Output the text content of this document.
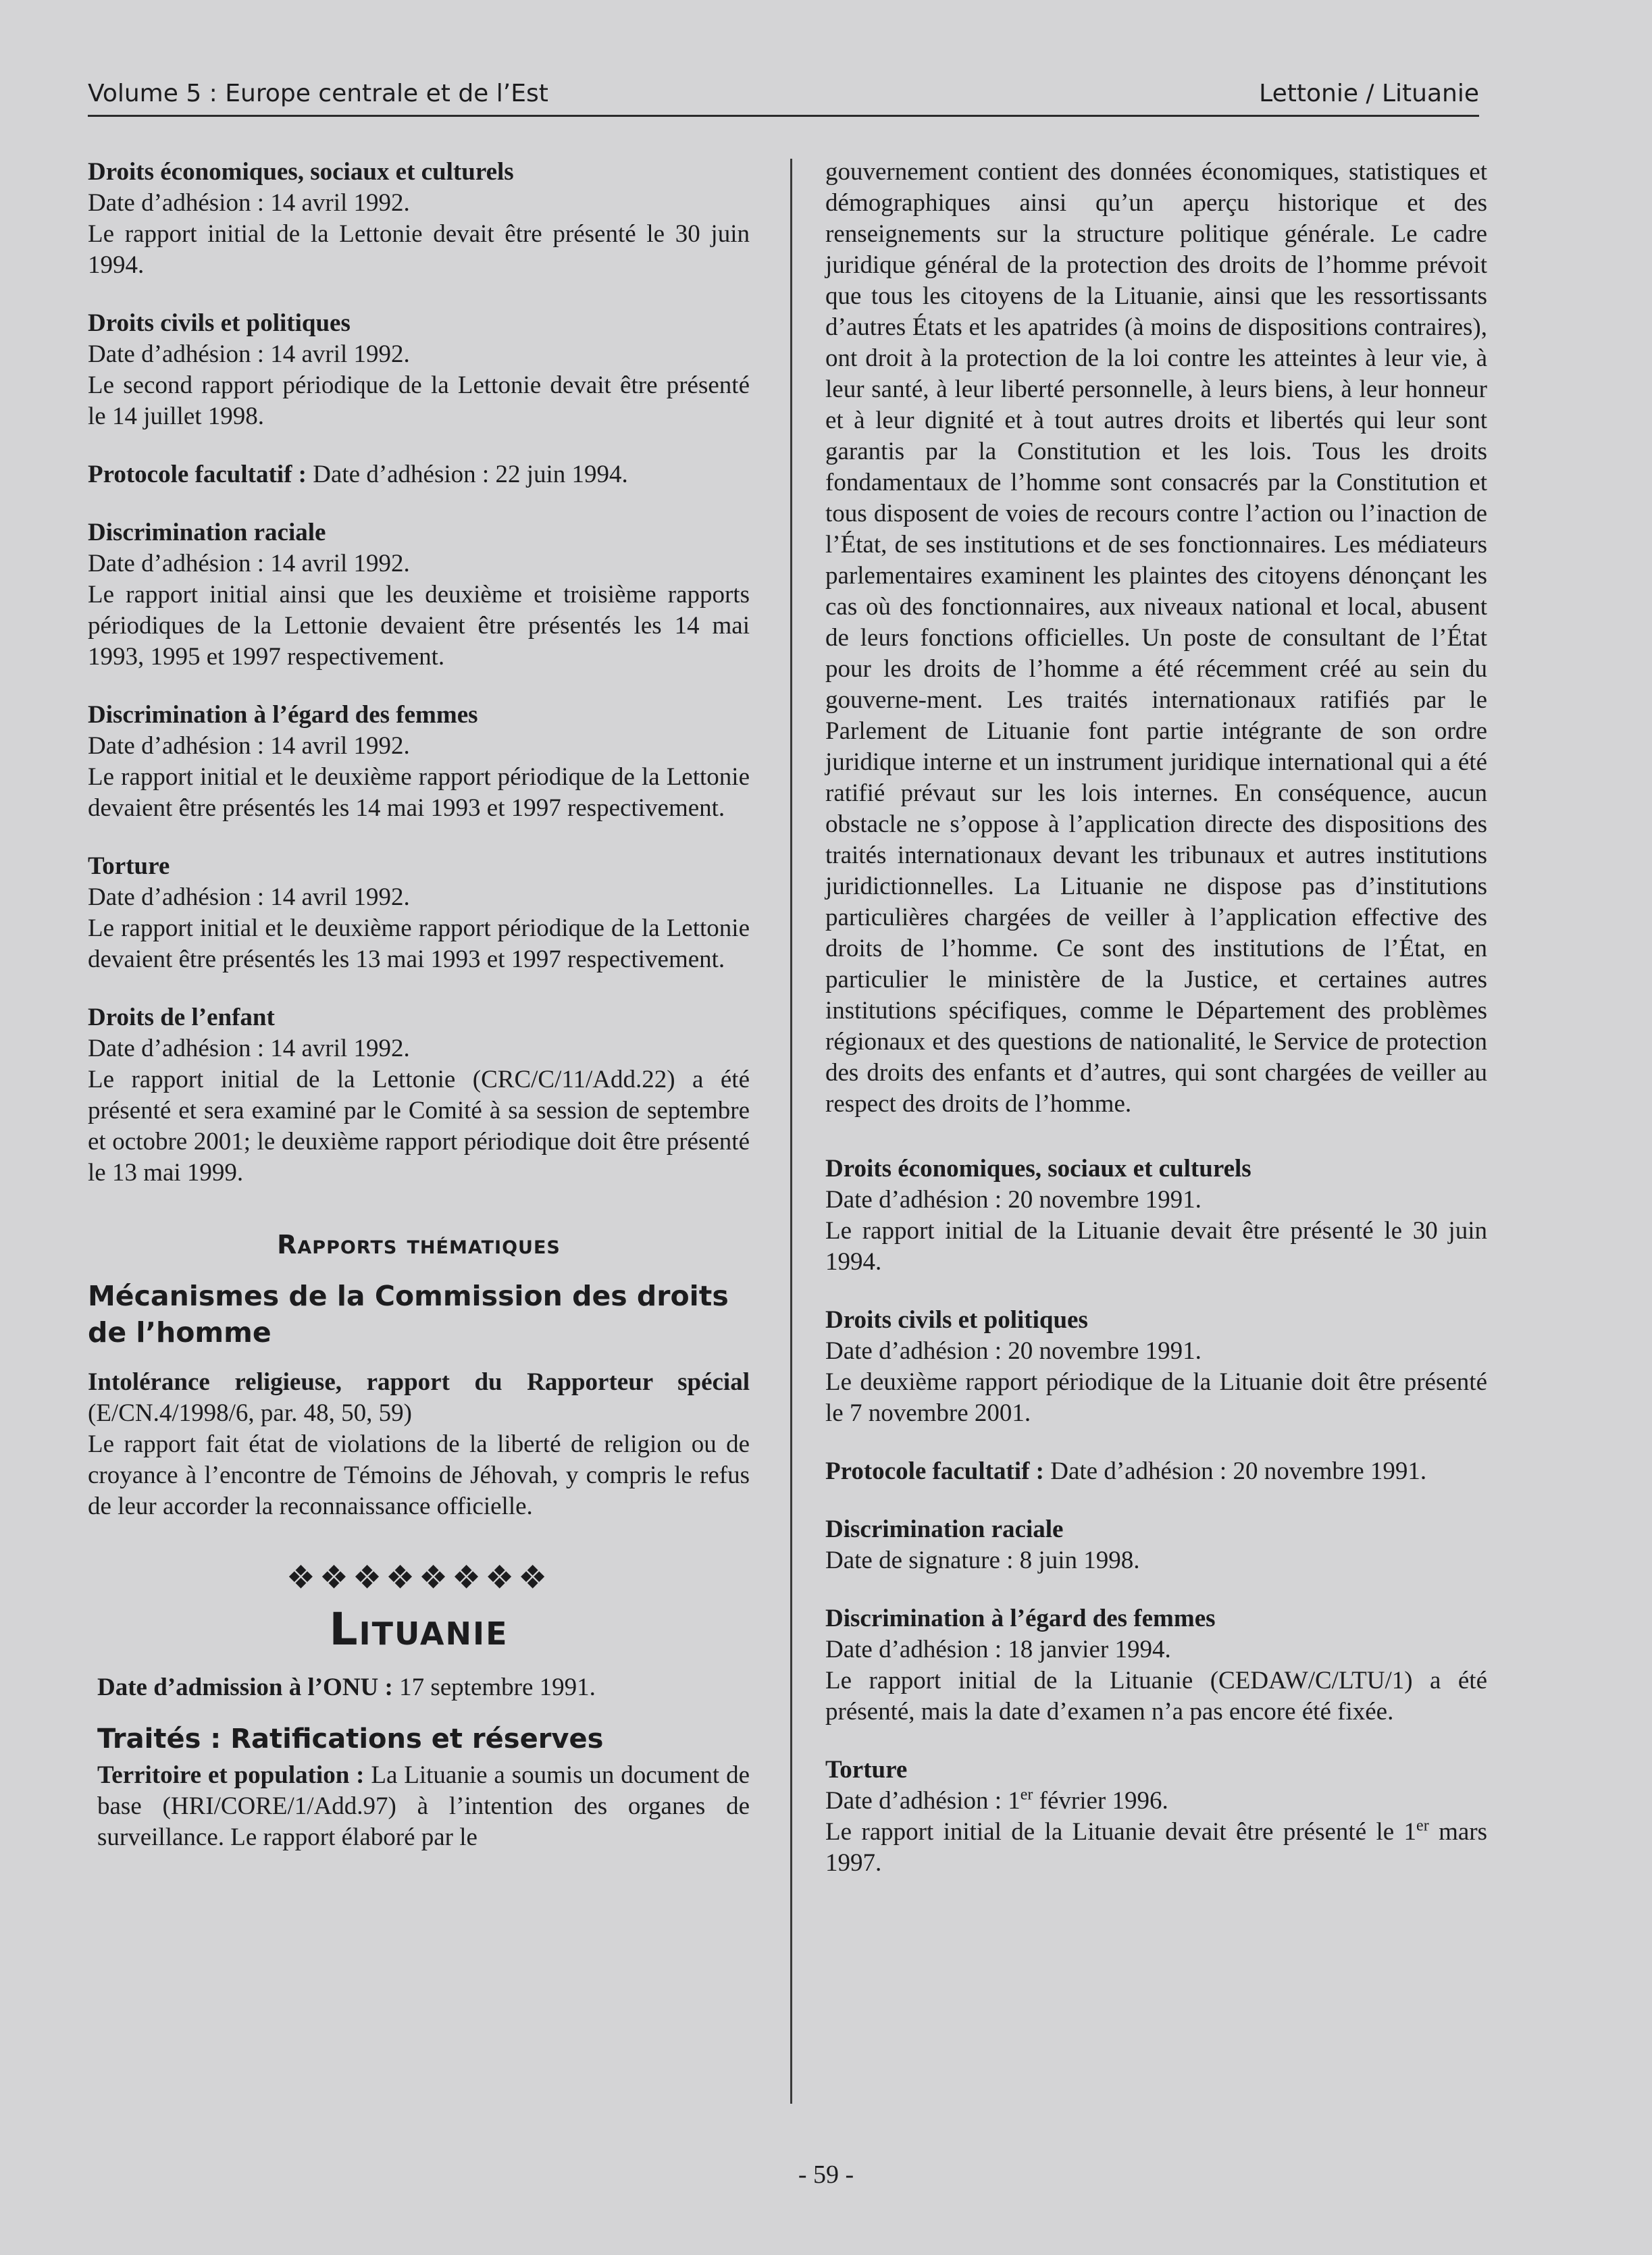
Volume 5 : Europe centrale et de l’Est	Lettonie / Lituanie

Droits économiques, sociaux et culturels

Date d’adhésion : 14 avril 1992.

Le rapport initial de la Lettonie devait être présenté le 30 juin 1994.

Droits civils et politiques

Date d’adhésion : 14 avril 1992.

Le second rapport périodique de la Lettonie devait être présenté le 14 juillet 1998.

Protocole facultatif : Date d’adhésion : 22 juin 1994.

Discrimination raciale

Date d’adhésion : 14 avril 1992.

Le rapport initial ainsi que les deuxième et troisième rapports périodiques de la Lettonie devaient être présentés les 14 mai 1993, 1995 et 1997 respectivement.

Discrimination à l’égard des femmes

Date d’adhésion : 14 avril 1992.

Le rapport initial et le deuxième rapport périodique de la Lettonie devaient être présentés les 14 mai 1993 et 1997 respectivement.

Torture

Date d’adhésion : 14 avril 1992.

Le rapport initial et le deuxième rapport périodique de la Lettonie devaient être présentés les 13 mai 1993 et 1997 respectivement.

Droits de l’enfant

Date d’adhésion : 14 avril 1992.

Le rapport initial de la Lettonie (CRC/C/11/Add.22) a été présenté et sera examiné par le Comité à sa session de septembre et octobre 2001; le deuxième rapport périodique doit être présenté le 13 mai 1999.

Rapports thématiques
Mécanismes de la Commission des droits de l’homme

Intolérance religieuse, rapport du Rapporteur spécial (E/CN.4/1998/6, par. 48, 50, 59)

Le rapport fait état de violations de la liberté de religion ou de croyance à l’encontre de Témoins de Jéhovah, y compris le refus de leur accorder la reconnaissance officielle.

❖❖❖❖❖❖❖❖
Lituanie
Date d’admission à l’ONU : 17 septembre 1991.
Traités : Ratifications et réserves
Territoire et population : La Lituanie a soumis un document de base (HRI/CORE/1/Add.97) à l’intention des organes de surveillance. Le rapport élaboré par le
gouvernement contient des données économiques, statistiques et démographiques ainsi qu’un aperçu historique et des renseignements sur la structure politique générale. Le cadre juridique général de la protection des droits de l’homme prévoit que tous les citoyens de la Lituanie, ainsi que les ressortissants d’autres États et les apatrides (à moins de dispositions contraires), ont droit à la protection de la loi contre les atteintes à leur vie, à leur santé, à leur liberté personnelle, à leurs biens, à leur honneur et à leur dignité et à tout autres droits et libertés qui leur sont garantis par la Constitution et les lois. Tous les droits fondamentaux de l’homme sont consacrés par la Constitution et tous disposent de voies de recours contre l’action ou l’inaction de l’État, de ses institutions et de ses fonctionnaires. Les médiateurs parlementaires examinent les plaintes des citoyens dénonçant les cas où des fonctionnaires, aux niveaux national et local, abusent de leurs fonctions officielles. Un poste de consultant de l’État pour les droits de l’homme a été récemment créé au sein du gouverne-ment. Les traités internationaux ratifiés par le Parlement de Lituanie font partie intégrante de son ordre juridique interne et un instrument juridique international qui a été ratifié prévaut sur les lois internes. En conséquence, aucun obstacle ne s’oppose à l’application directe des dispositions des traités internationaux devant les tribunaux et autres institutions juridictionnelles. La Lituanie ne dispose pas d’institutions particulières chargées de veiller à l’application effective des droits de l’homme. Ce sont des institutions de l’État, en particulier le ministère de la Justice, et certaines autres institutions spécifiques, comme le Département des problèmes régionaux et des questions de nationalité, le Service de protection des droits des enfants et d’autres, qui sont chargées de veiller au respect des droits de l’homme.

Droits économiques, sociaux et culturels

Date d’adhésion : 20 novembre 1991.

Le rapport initial de la Lituanie devait être présenté le 30 juin 1994.

Droits civils et politiques

Date d’adhésion : 20 novembre 1991.

Le deuxième rapport périodique de la Lituanie doit être présenté le 7 novembre 2001.

Protocole facultatif : Date d’adhésion : 20 novembre 1991.

Discrimination raciale

Date de signature : 8 juin 1998.

Discrimination à l’égard des femmes

Date d’adhésion : 18 janvier 1994.

Le rapport initial de la Lituanie (CEDAW/C/LTU/1) a été présenté, mais la date d’examen n’a pas encore été fixée.

Torture

Date d’adhésion : 1er février 1996.

Le rapport initial de la Lituanie devait être présenté le 1er mars 1997.

- 59 -
